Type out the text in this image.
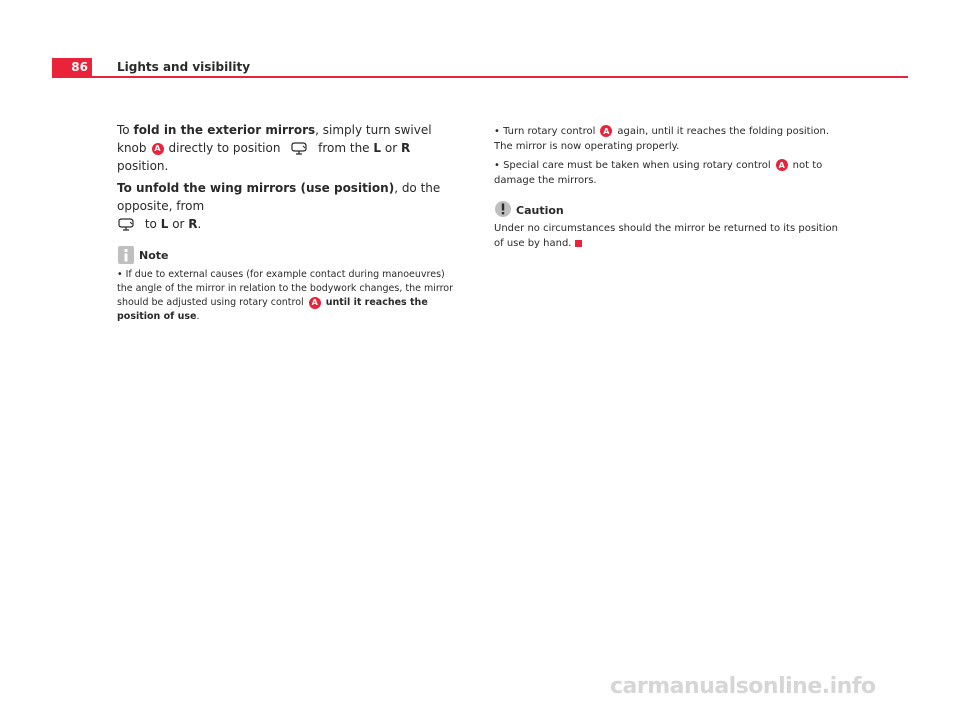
86 Lights and visibility

To fold in the exterior mirrors, simply turn swivel knob A directly to position	from the L or R position.

To unfold the wing mirrors (use position), do the opposite, from
to L or R.

Note

• If due to external causes (for example contact during manoeuvres) the angle of the mirror in relation to the bodywork changes, the mirror should be adjusted using rotary control A until it reaches the position of use.

• Turn rotary control A again, until it reaches the folding position. The mirror is now operating properly.

• Special care must be taken when using rotary control A not to damage the mirrors.

Caution

Under no circumstances should the mirror be returned to its position of use by hand.

carmanualsonline.info
